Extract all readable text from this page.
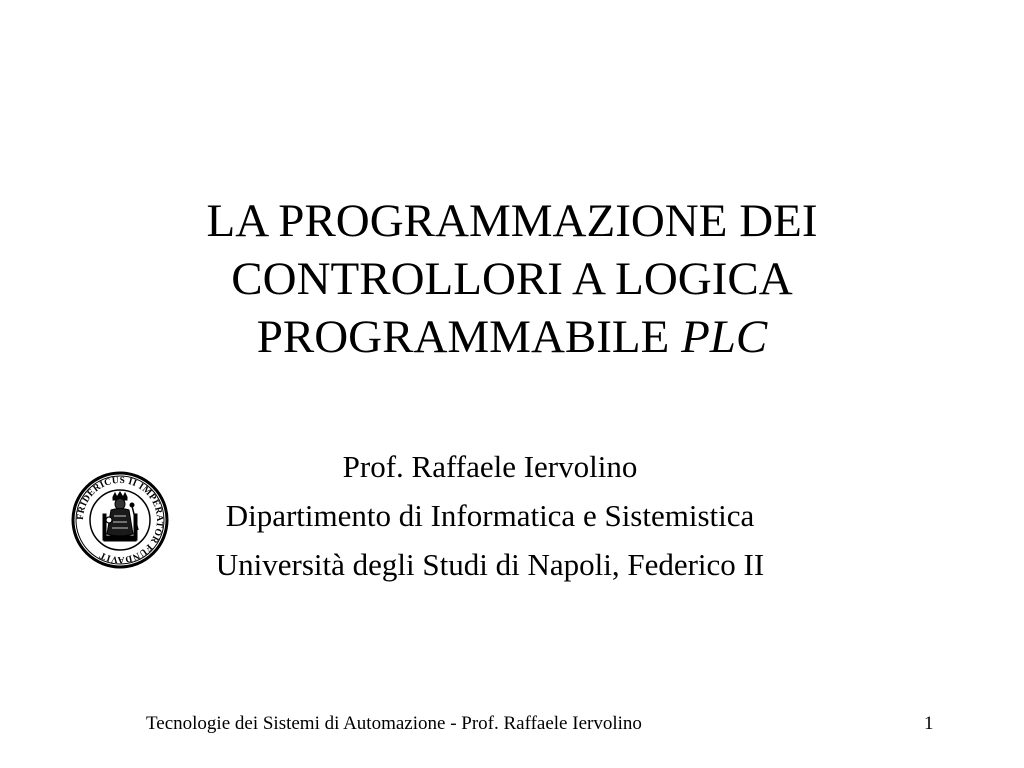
LA PROGRAMMAZIONE DEI
CONTROLLORI A LOGICA
PROGRAMMABILE PLC
FRIDERICUS II IMPERATOR FUNDAVIT
Prof. Raffaele Iervolino
Dipartimento di Informatica e Sistemistica
Università degli Studi di Napoli, Federico II
Tecnologie dei Sistemi di Automazione - Prof. Raffaele Iervolino	1
